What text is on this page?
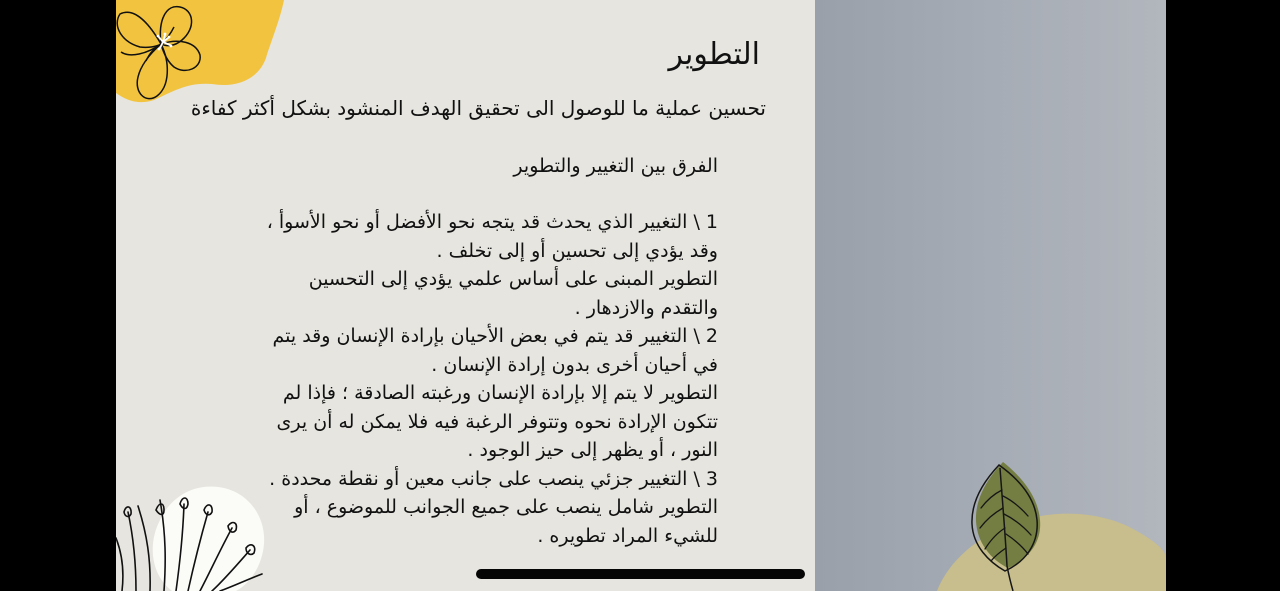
التطوير

تحسين عملية ما للوصول الى تحقيق الهدف المنشود بشكل أكثر كفاءة

الفرق بين التغيير والتطوير

1 \ التغيير الذي يحدث قد يتجه نحو الأفضل أو نحو الأسوأ ،
وقد يؤدي إلى تحسين أو إلى تخلف .
التطوير المبنى على أساس علمي يؤدي إلى التحسين
والتقدم والازدهار .
2 \ التغيير قد يتم في بعض الأحيان بإرادة الإنسان وقد يتم
في أحيان أخرى بدون إرادة الإنسان .
التطوير لا يتم إلا بإرادة الإنسان ورغبته الصادقة ؛ فإذا لم
تتكون الإرادة نحوه وتتوفر الرغبة فيه فلا يمكن له أن يرى
النور ، أو يظهر إلى حيز الوجود .
3 \ التغيير جزئي ينصب على جانب معين أو نقطة محددة .
التطوير شامل ينصب على جميع الجوانب للموضوع ، أو
للشيء المراد تطويره .
